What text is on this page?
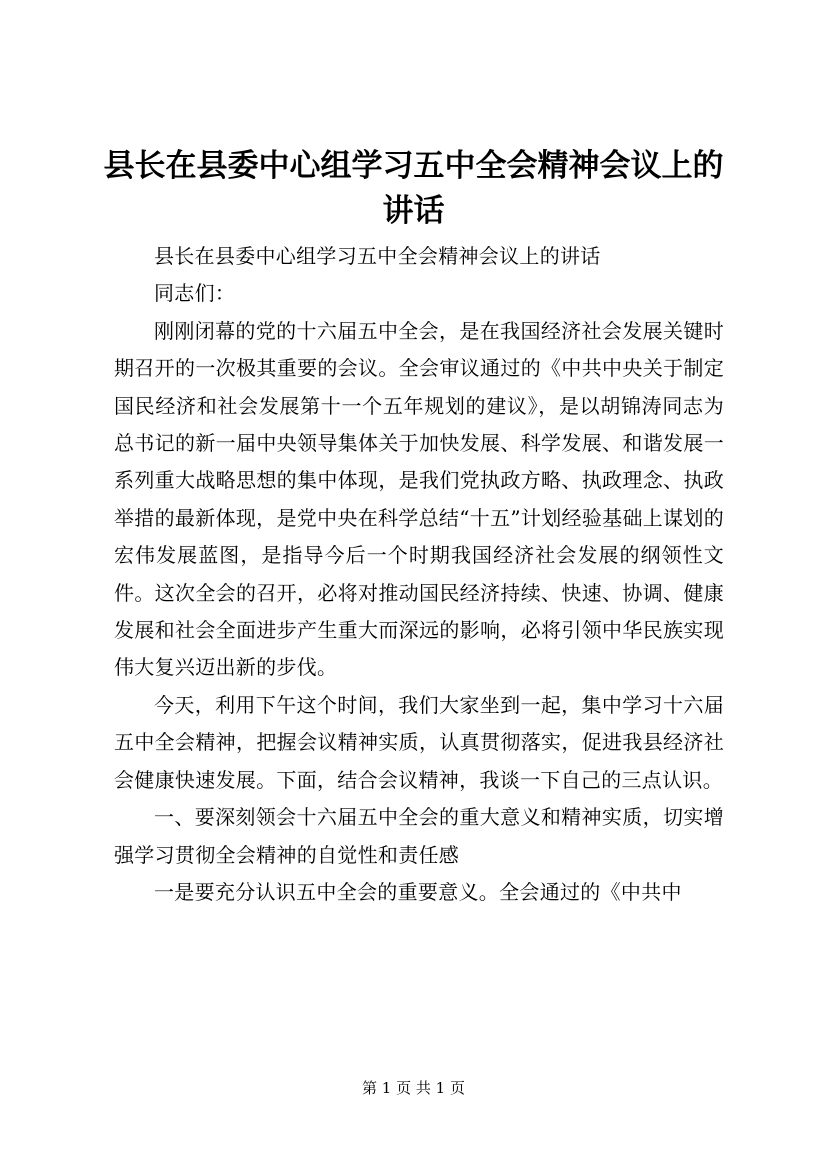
县长在县委中心组学习五中全会精神会议上的讲话

县长在县委中心组学习五中全会精神会议上的讲话

同志们：

刚刚闭幕的党的十六届五中全会，是在我国经济社会发展关键时期召开的一次极其重要的会议。全会审议通过的《中共中央关于制定国民经济和社会发展第十一个五年规划的建议》，是以胡锦涛同志为总书记的新一届中央领导集体关于加快发展、科学发展、和谐发展一系列重大战略思想的集中体现，是我们党执政方略、执政理念、执政举措的最新体现，是党中央在科学总结“十五”计划经验基础上谋划的宏伟发展蓝图，是指导今后一个时期我国经济社会发展的纲领性文件。这次全会的召开，必将对推动国民经济持续、快速、协调、健康发展和社会全面进步产生重大而深远的影响，必将引领中华民族实现伟大复兴迈出新的步伐。

今天，利用下午这个时间，我们大家坐到一起，集中学习十六届五中全会精神，把握会议精神实质，认真贯彻落实，促进我县经济社会健康快速发展。下面，结合会议精神，我谈一下自己的三点认识。

一、要深刻领会十六届五中全会的重大意义和精神实质，切实增强学习贯彻全会精神的自觉性和责任感

一是要充分认识五中全会的重要意义。全会通过的《中共中

第 1 页 共 1 页
